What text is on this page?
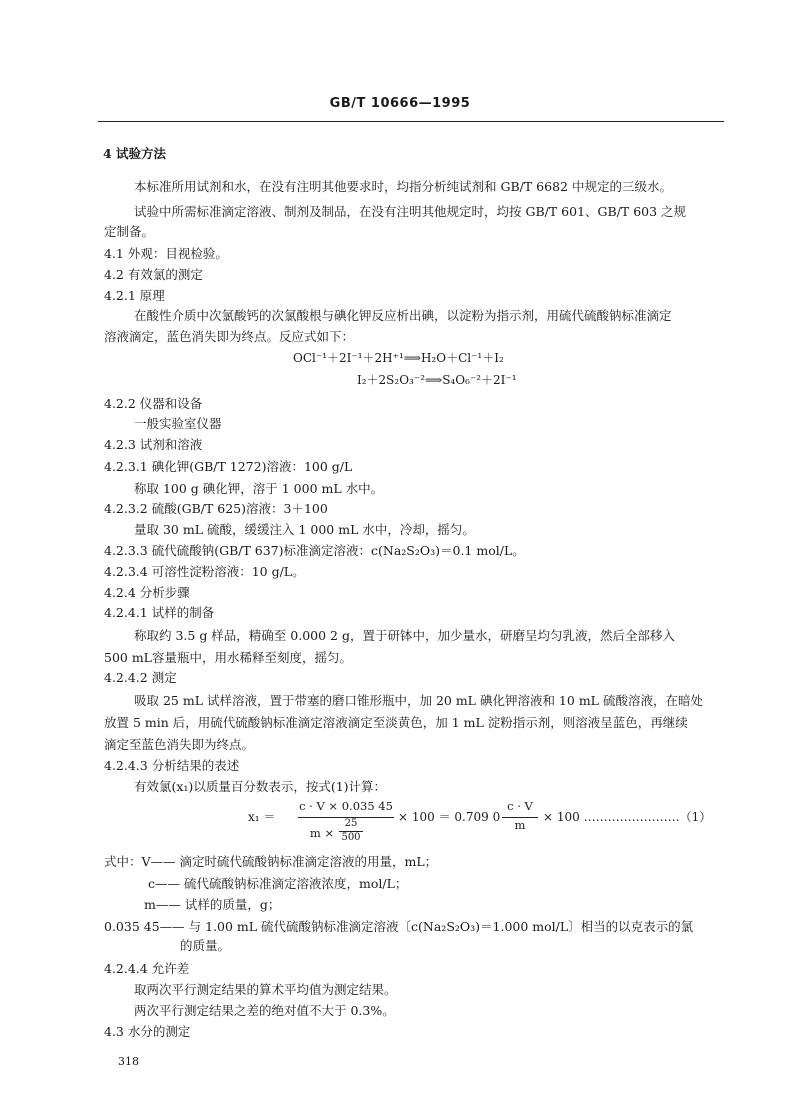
GB/T 10666—1995
4 试验方法
本标准所用试剂和水，在没有注明其他要求时，均指分析纯试剂和 GB/T 6682 中规定的三级水。
试验中所需标准滴定溶液、制剂及制品，在没有注明其他规定时，均按 GB/T 601、GB/T 603 之规
定制备。
4.1 外观：目视检验。
4.2 有效氯的测定
4.2.1 原理
在酸性介质中次氯酸钙的次氯酸根与碘化钾反应析出碘，以淀粉为指示剂，用硫代硫酸钠标准滴定
溶液滴定，蓝色消失即为终点。反应式如下：
OCl⁻¹＋2I⁻¹＋2H⁺¹⟹H₂O＋Cl⁻¹＋I₂
I₂＋2S₂O₃⁻²⟹S₄O₆⁻²＋2I⁻¹
4.2.2 仪器和设备
一般实验室仪器
4.2.3 试剂和溶液
4.2.3.1 碘化钾(GB/T 1272)溶液：100 g/L
称取 100 g 碘化钾，溶于 1 000 mL 水中。
4.2.3.2 硫酸(GB/T 625)溶液：3＋100
量取 30 mL 硫酸，缓缓注入 1 000 mL 水中，冷却，摇匀。
4.2.3.3 硫代硫酸钠(GB/T 637)标准滴定溶液：c(Na₂S₂O₃)＝0.1 mol/L。
4.2.3.4 可溶性淀粉溶液：10 g/L。
4.2.4 分析步骤
4.2.4.1 试样的制备
称取约 3.5 g 样品，精确至 0.000 2 g，置于研钵中，加少量水，研磨呈均匀乳液，然后全部移入
500 mL容量瓶中，用水稀释至刻度，摇匀。
4.2.4.2 测定
吸取 25 mL 试样溶液，置于带塞的磨口锥形瓶中，加 20 mL 碘化钾溶液和 10 mL 硫酸溶液，在暗处
放置 5 min 后，用硫代硫酸钠标准滴定溶液滴定至淡黄色，加 1 mL 淀粉指示剂，则溶液呈蓝色，再继续
滴定至蓝色消失即为终点。
4.2.4.3 分析结果的表述
有效氯(x₁)以质量百分数表示，按式(1)计算：
x₁ ＝
c · V × 0.035 45
m ×
25
500
× 100 ＝ 0.709 0
c · V
m
× 100 ……………………（1）
式中：V—— 滴定时硫代硫酸钠标准滴定溶液的用量，mL；
c—— 硫代硫酸钠标准滴定溶液浓度，mol/L；
m—— 试样的质量，g；
0.035 45—— 与 1.00 mL 硫代硫酸钠标准滴定溶液〔c(Na₂S₂O₃)＝1.000 mol/L〕相当的以克表示的氯
的质量。
4.2.4.4 允许差
取两次平行测定结果的算术平均值为测定结果。
两次平行测定结果之差的绝对值不大于 0.3%。
4.3 水分的测定
318
